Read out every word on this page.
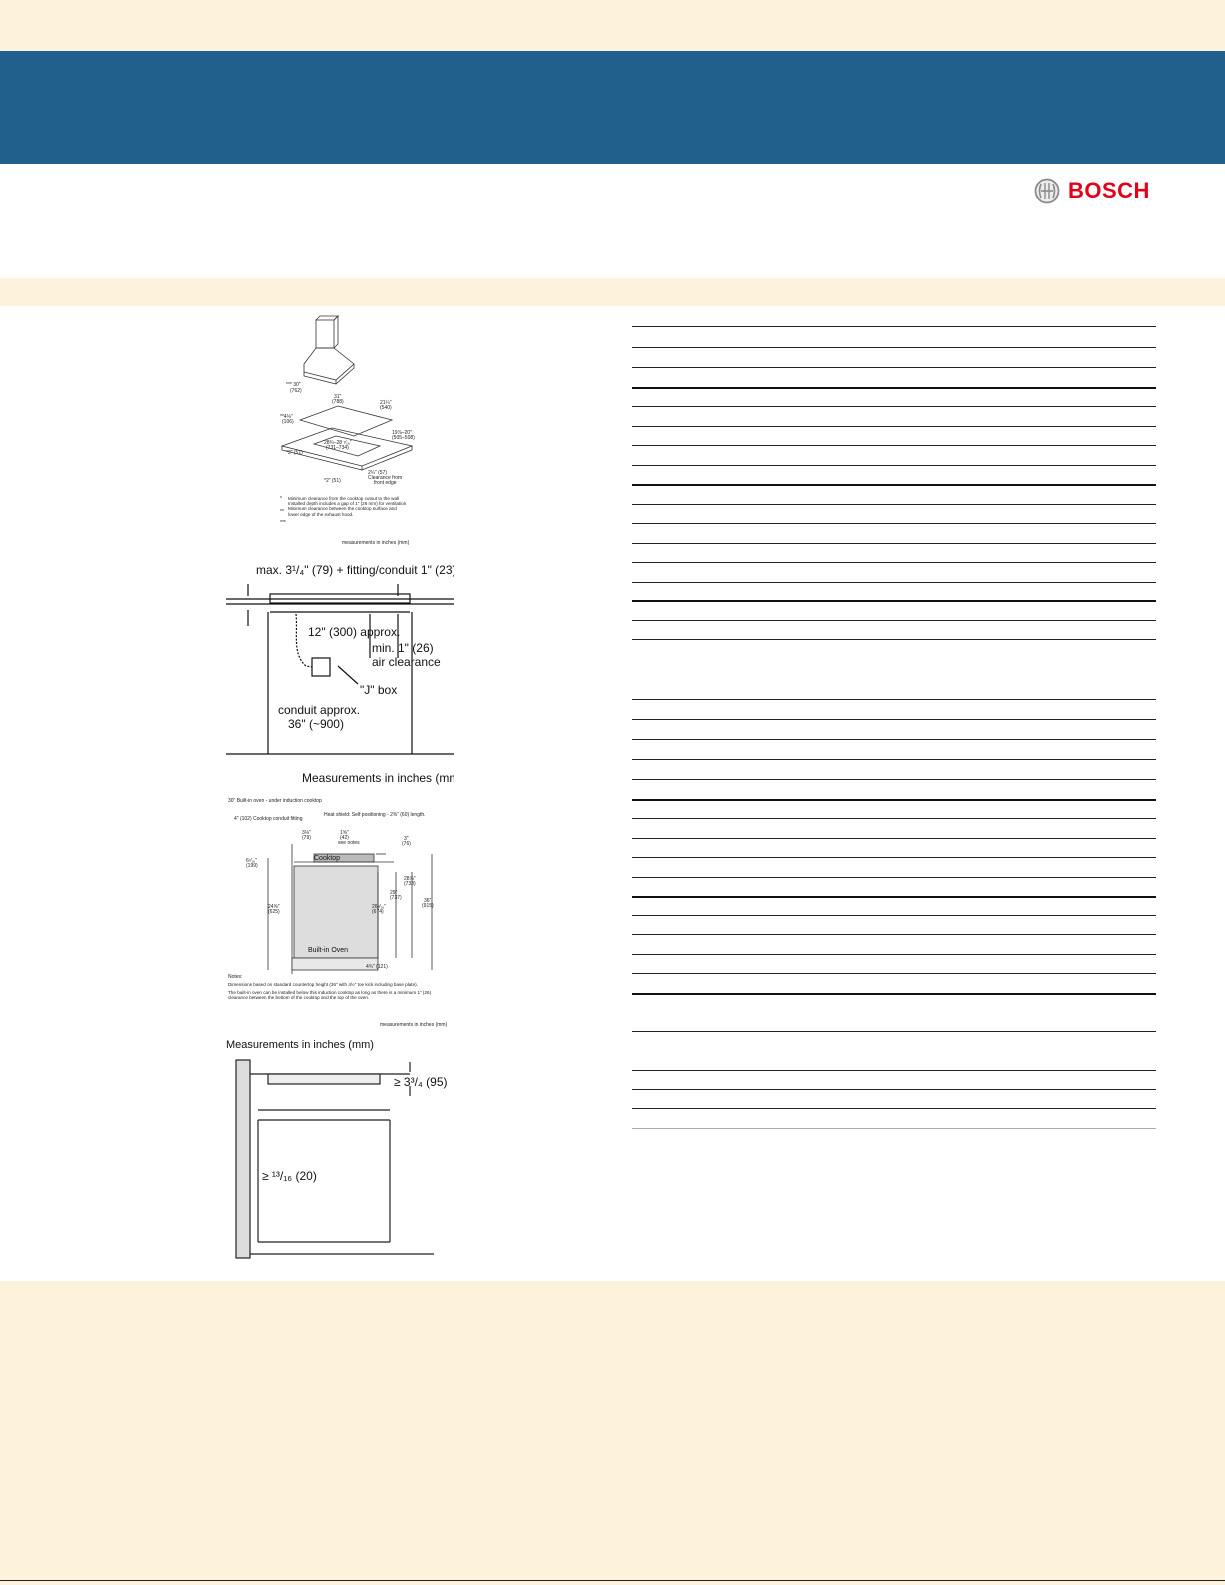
BOSCH
*** 30"
(762)
31"
(788)	21¼"
(540)
**4⅛"
(106)
28¾–28 ⁷⁄₁₆"
(731–734)
19⅞–20"
(505–508)
*2" (51)
*2" (51)
2¼" (57)
Clearance from
front edge
*
**
***
Minimum clearance from the cooktop cutout to the wall
Installed depth includes a gap of 1" (26 mm) for ventilation
Minimum clearance between the cooktop surface and lower edge of the exhaust hood.
measurements in inches (mm)
max. 3¹/₄" (79) + fitting/conduit 1" (23)
12" (300) approx.
min. 1" (26)
air clearance
"J" box
conduit approx.
36" (~900)
Measurements in inches (mm)
30" Built-in oven - under induction cooktop
4" (102) Cooktop conduit fitting
Heat shield: Self positioning - 2⅜" (60) length.
3⅛"
(79)
1⅝"
(42)
see notes
3"
(76)
6⁷⁄₁₆"
(199)
24⅝"
(625)
29"
(737)
28⅞"
(733)
26⁹⁄₁₆"
(674)
36"
(915)
4¾" (121)
Notes:
Cooktop
Built-in Oven
Dimensions based on standard countertop height (36" with 4½" toe kick including base plate).
The built-in oven can be installed below this induction cooktop as long as there is a minimum 1" (26) clearance between the bottom of the cooktop and the top of the oven.
measurements in inches (mm)
Measurements in inches (mm)
≥ 3³/₄ (95)
≥ ¹³/₁₆ (20)
